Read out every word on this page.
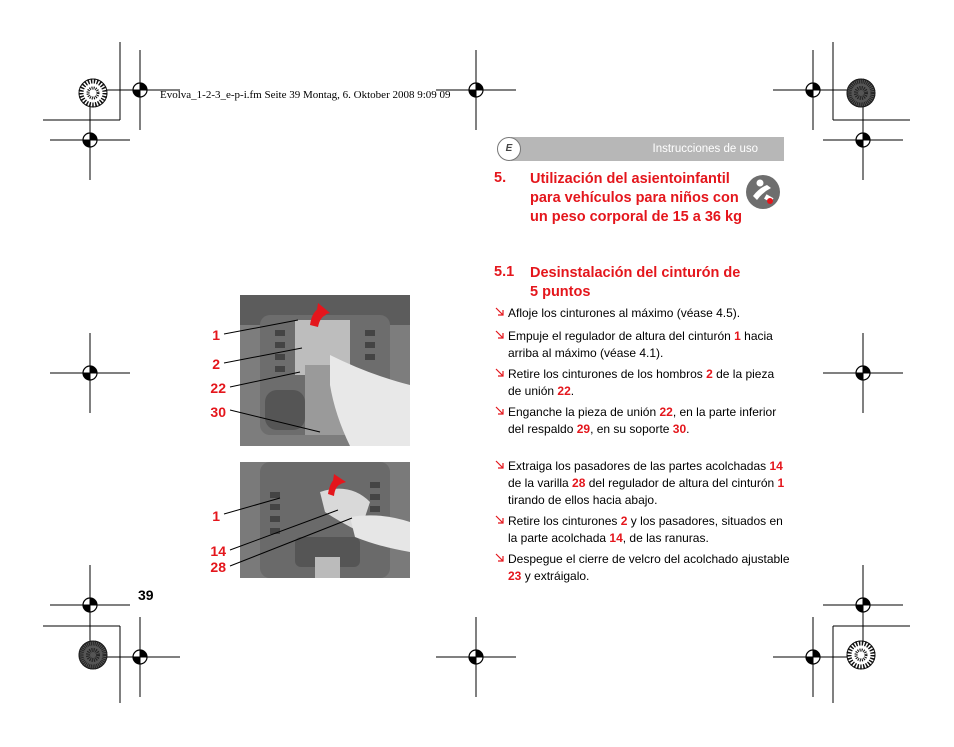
Evolva_1-2-3_e-p-i.fm Seite 39 Montag, 6. Oktober 2008 9:09 09
Instrucciones de uso
E
5. Utilización del asientoinfantil para vehículos para niños con un peso corporal de 15 a 36 kg
5.1 Desinstalación del cinturón de 5 puntos
Afloje los cinturones al máximo (véase 4.5).
Empuje el regulador de altura del cinturón 1 hacia arriba al máximo (véase 4.1).
Retire los cinturones de los hombros 2 de la pieza de unión 22.
Enganche la pieza de unión 22, en la parte inferior del respaldo 29, en su soporte 30.
Extraiga los pasadores de las partes acolchadas 14 de la varilla 28 del regulador de altura del cinturón 1 tirando de ellos hacia abajo.
Retire los cinturones 2 y los pasadores, situados en la parte acolchada 14, de las ranuras.
Despegue el cierre de velcro del acolchado ajustable 23 y extráigalo.
1
2
22
30
1
14
28
39
